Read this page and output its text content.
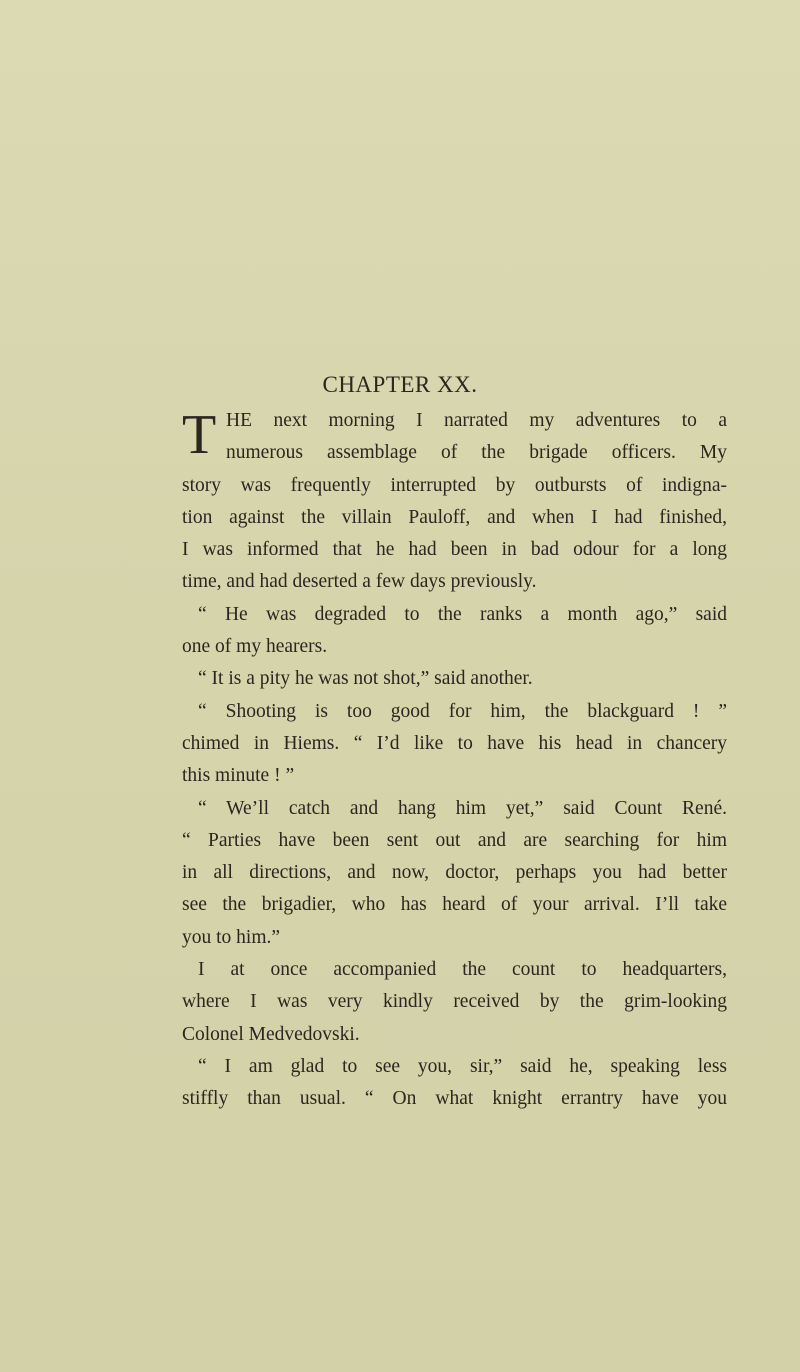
CHAPTER XX.
T HE next morning I narrated my adventures to a
numerous assemblage of the brigade officers. My
story was frequently interrupted by outbursts of indigna-
tion against the villain Pauloff, and when I had finished,
I was informed that he had been in bad odour for a long
time, and had deserted a few days previously.
“ He was degraded to the ranks a month ago,” said
one of my hearers.
“ It is a pity he was not shot,” said another.
“ Shooting is too good for him, the blackguard ! ”
chimed in Hiems. “ I’d like to have his head in chancery
this minute ! ”
“ We’ll catch and hang him yet,” said Count René.
“ Parties have been sent out and are searching for him
in all directions, and now, doctor, perhaps you had better
see the brigadier, who has heard of your arrival. I’ll take
you to him.”
I at once accompanied the count to headquarters,
where I was very kindly received by the grim-looking
Colonel Medvedovski.
“ I am glad to see you, sir,” said he, speaking less
stiffly than usual. “ On what knight errantry have you
